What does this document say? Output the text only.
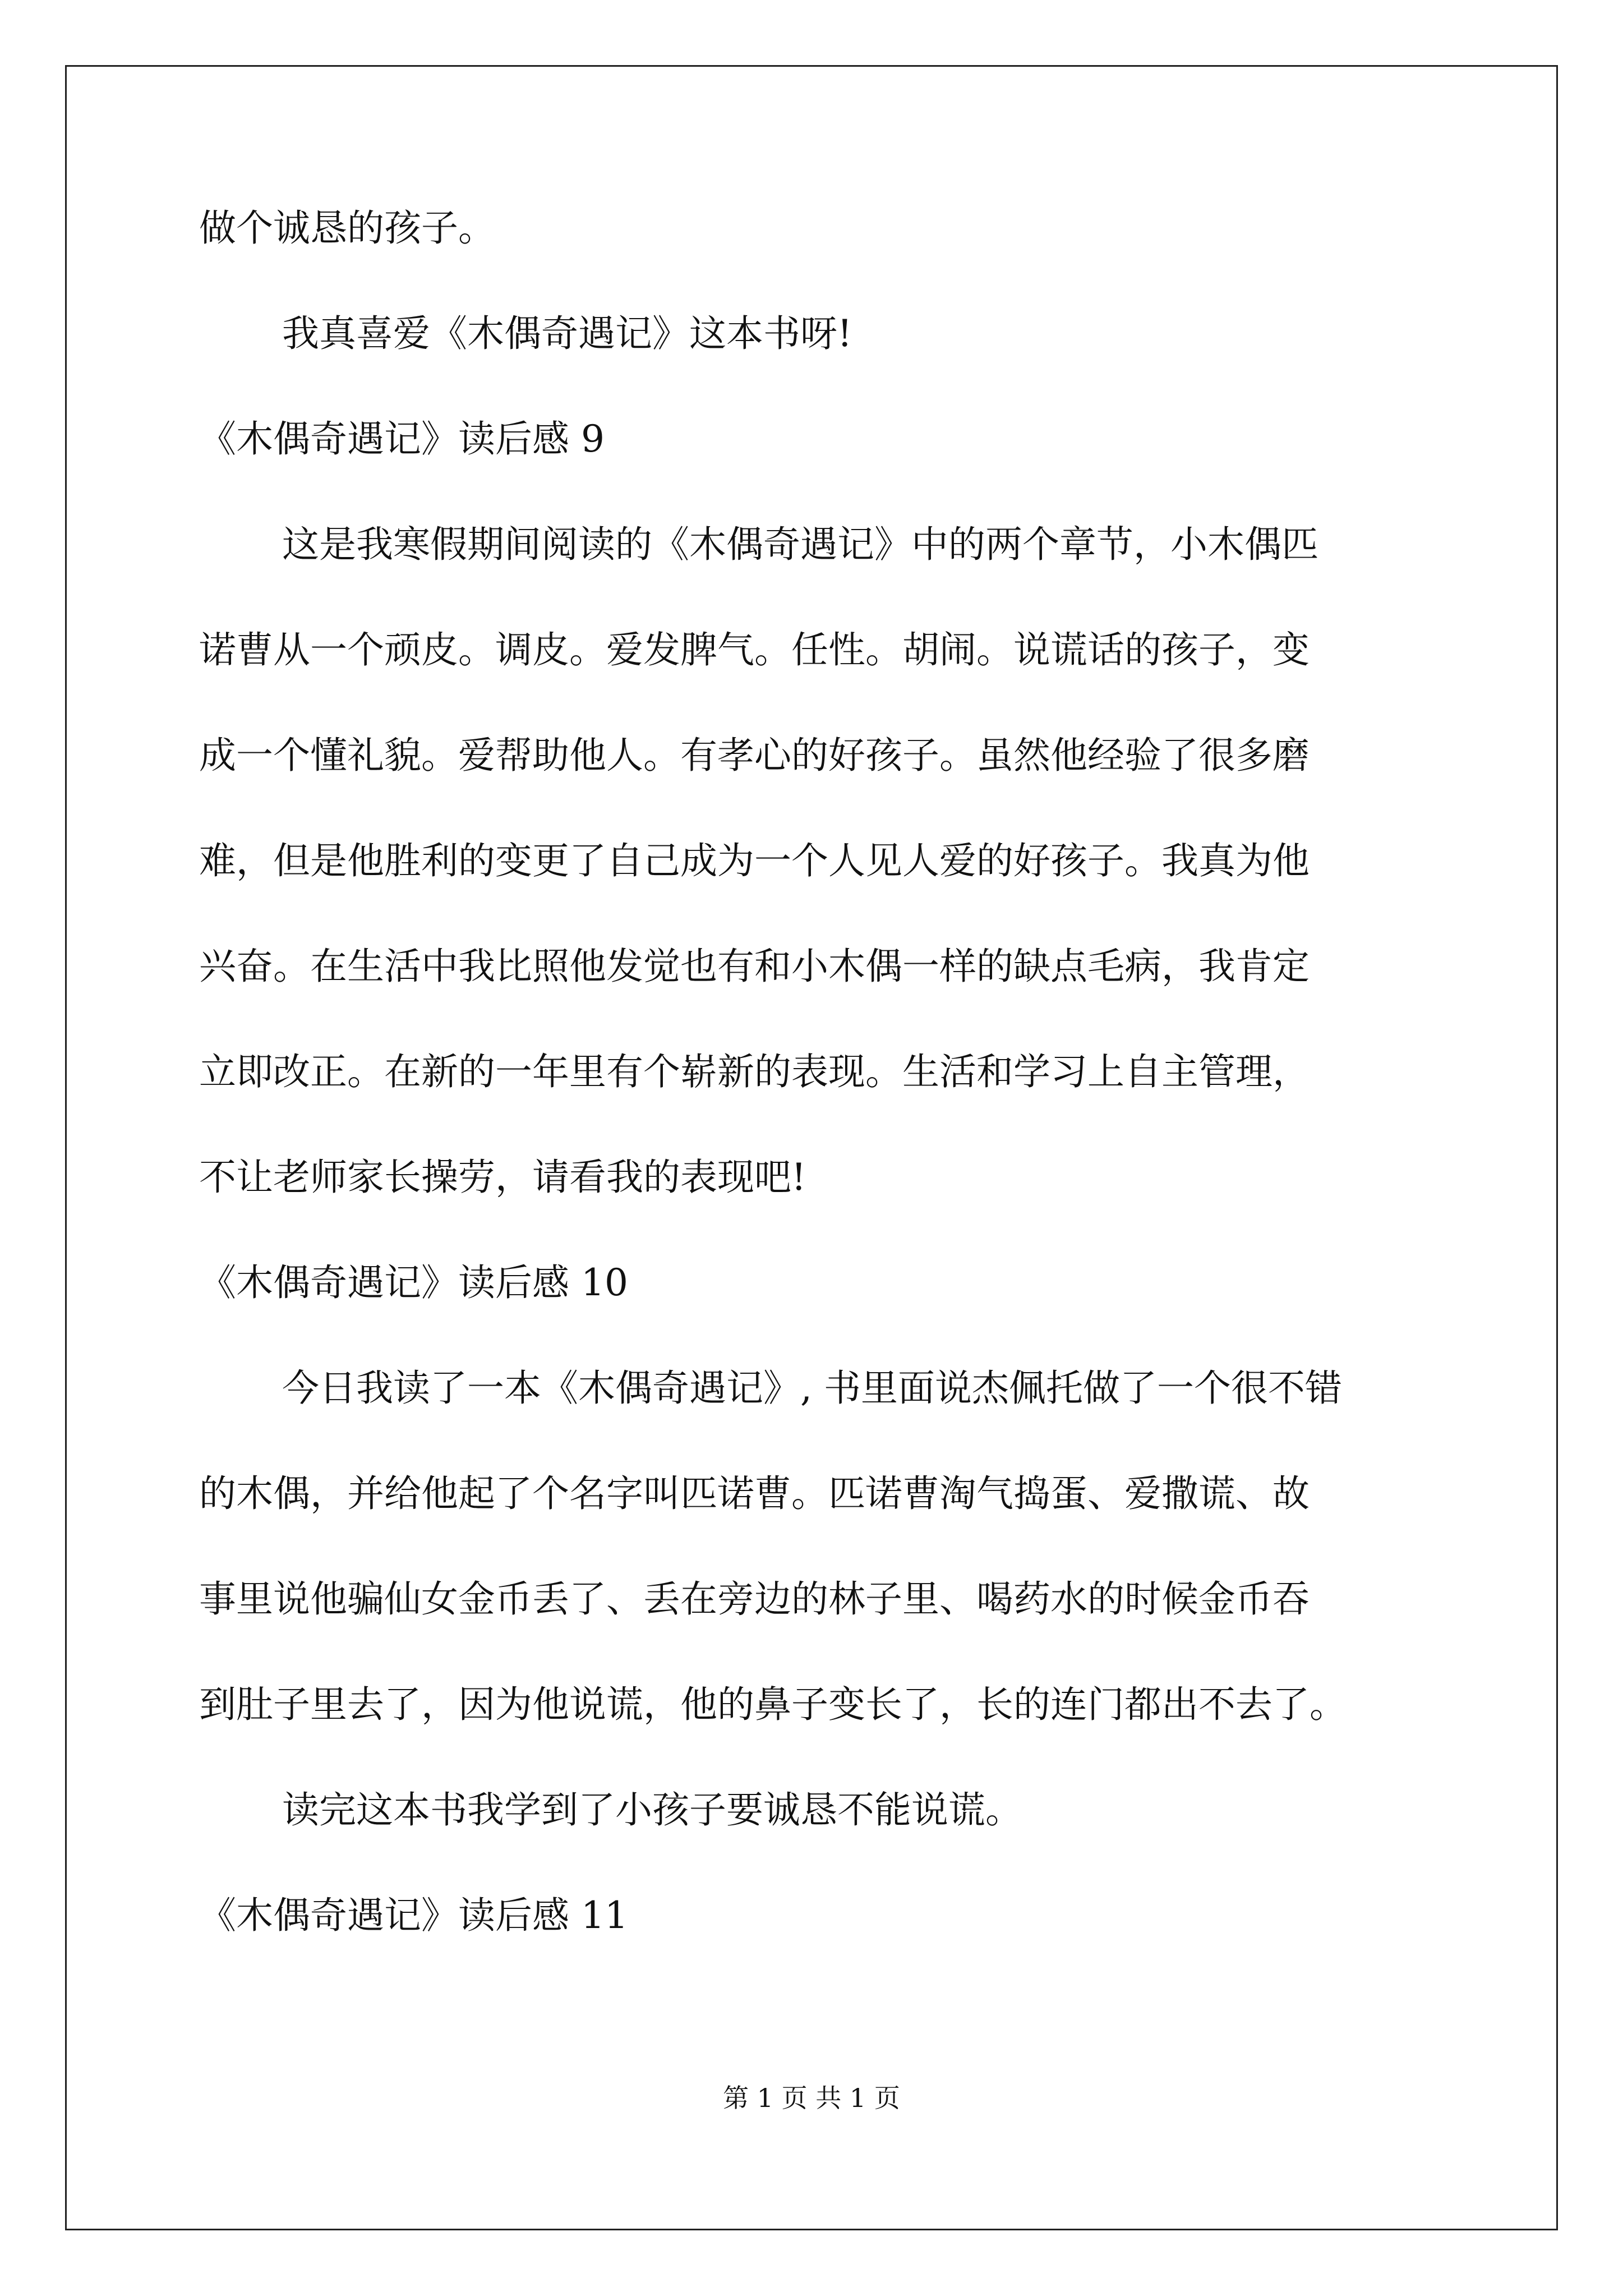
做个诚恳的孩子。
我真喜爱《木偶奇遇记》这本书呀!
《木偶奇遇记》读后感 9
这是我寒假期间阅读的《木偶奇遇记》中的两个章节，小木偶匹
诺曹从一个顽皮。调皮。爱发脾气。任性。胡闹。说谎话的孩子，变
成一个懂礼貌。爱帮助他人。有孝心的好孩子。虽然他经验了很多磨
难，但是他胜利的变更了自己成为一个人见人爱的好孩子。我真为他
兴奋。在生活中我比照他发觉也有和小木偶一样的缺点毛病，我肯定
立即改正。在新的一年里有个崭新的表现。生活和学习上自主管理，
不让老师家长操劳，请看我的表现吧!
《木偶奇遇记》读后感 10
今日我读了一本《木偶奇遇记》, 书里面说杰佩托做了一个很不错
的木偶，并给他起了个名字叫匹诺曹。匹诺曹淘气捣蛋、爱撒谎、故
事里说他骗仙女金币丢了、丢在旁边的林子里、喝药水的时候金币吞
到肚子里去了，因为他说谎，他的鼻子变长了，长的连门都出不去了。
读完这本书我学到了小孩子要诚恳不能说谎。
《木偶奇遇记》读后感 11
第 1 页 共 1 页
